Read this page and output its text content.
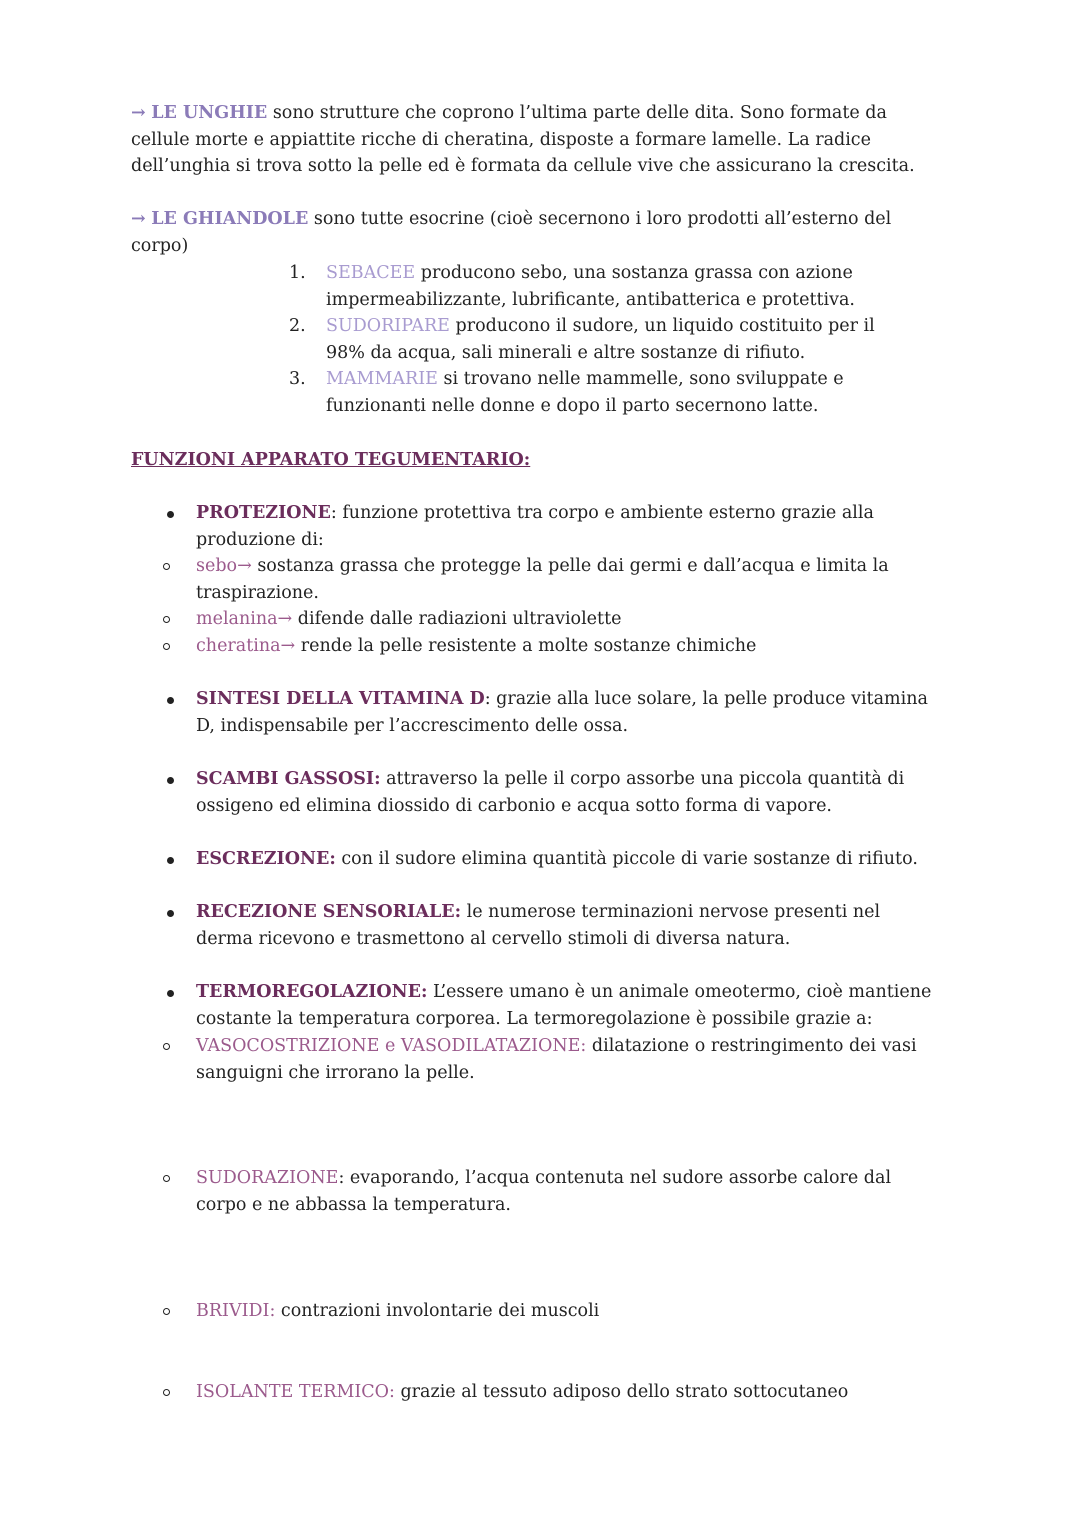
→ LE UNGHIE sono strutture che coprono l’ultima parte delle dita. Sono formate da cellule morte e appiattite ricche di cheratina, disposte a formare lamelle. La radice dell’unghia si trova sotto la pelle ed è formata da cellule vive che assicurano la crescita.

→ LE GHIANDOLE sono tutte esocrine (cioè secernono i loro prodotti all’esterno del corpo)

1. SEBACEE producono sebo, una sostanza grassa con azione impermeabilizzante, lubrificante, antibatterica e protettiva.
2. SUDORIPARE producono il sudore, un liquido costituito per il 98% da acqua, sali minerali e altre sostanze di rifiuto.
3. MAMMARIE si trovano nelle mammelle, sono sviluppate e funzionanti nelle donne e dopo il parto secernono latte.

FUNZIONI APPARATO TEGUMENTARIO:

PROTEZIONE: funzione protettiva tra corpo e ambiente esterno grazie alla produzione di:

sebo→ sostanza grassa che protegge la pelle dai germi e dall’acqua e limita la traspirazione.
melanina→ difende dalle radiazioni ultraviolette
cheratina→ rende la pelle resistente a molte sostanze chimiche

SINTESI DELLA VITAMINA D: grazie alla luce solare, la pelle produce vitamina D, indispensabile per l’accrescimento delle ossa.

SCAMBI GASSOSI: attraverso la pelle il corpo assorbe una piccola quantità di ossigeno ed elimina diossido di carbonio e acqua sotto forma di vapore.

ESCREZIONE: con il sudore elimina quantità piccole di varie sostanze di rifiuto.

RECEZIONE SENSORIALE: le numerose terminazioni nervose presenti nel derma ricevono e trasmettono al cervello stimoli di diversa natura.

TERMOREGOLAZIONE: L’essere umano è un animale omeotermo, cioè mantiene costante la temperatura corporea. La termoregolazione è possibile grazie a:

VASOCOSTRIZIONE e VASODILATAZIONE: dilatazione o restringimento dei vasi sanguigni che irrorano la pelle.
SUDORAZIONE: evaporando, l’acqua contenuta nel sudore assorbe calore dal corpo e ne abbassa la temperatura.
BRIVIDI: contrazioni involontarie dei muscoli
ISOLANTE TERMICO: grazie al tessuto adiposo dello strato sottocutaneo
